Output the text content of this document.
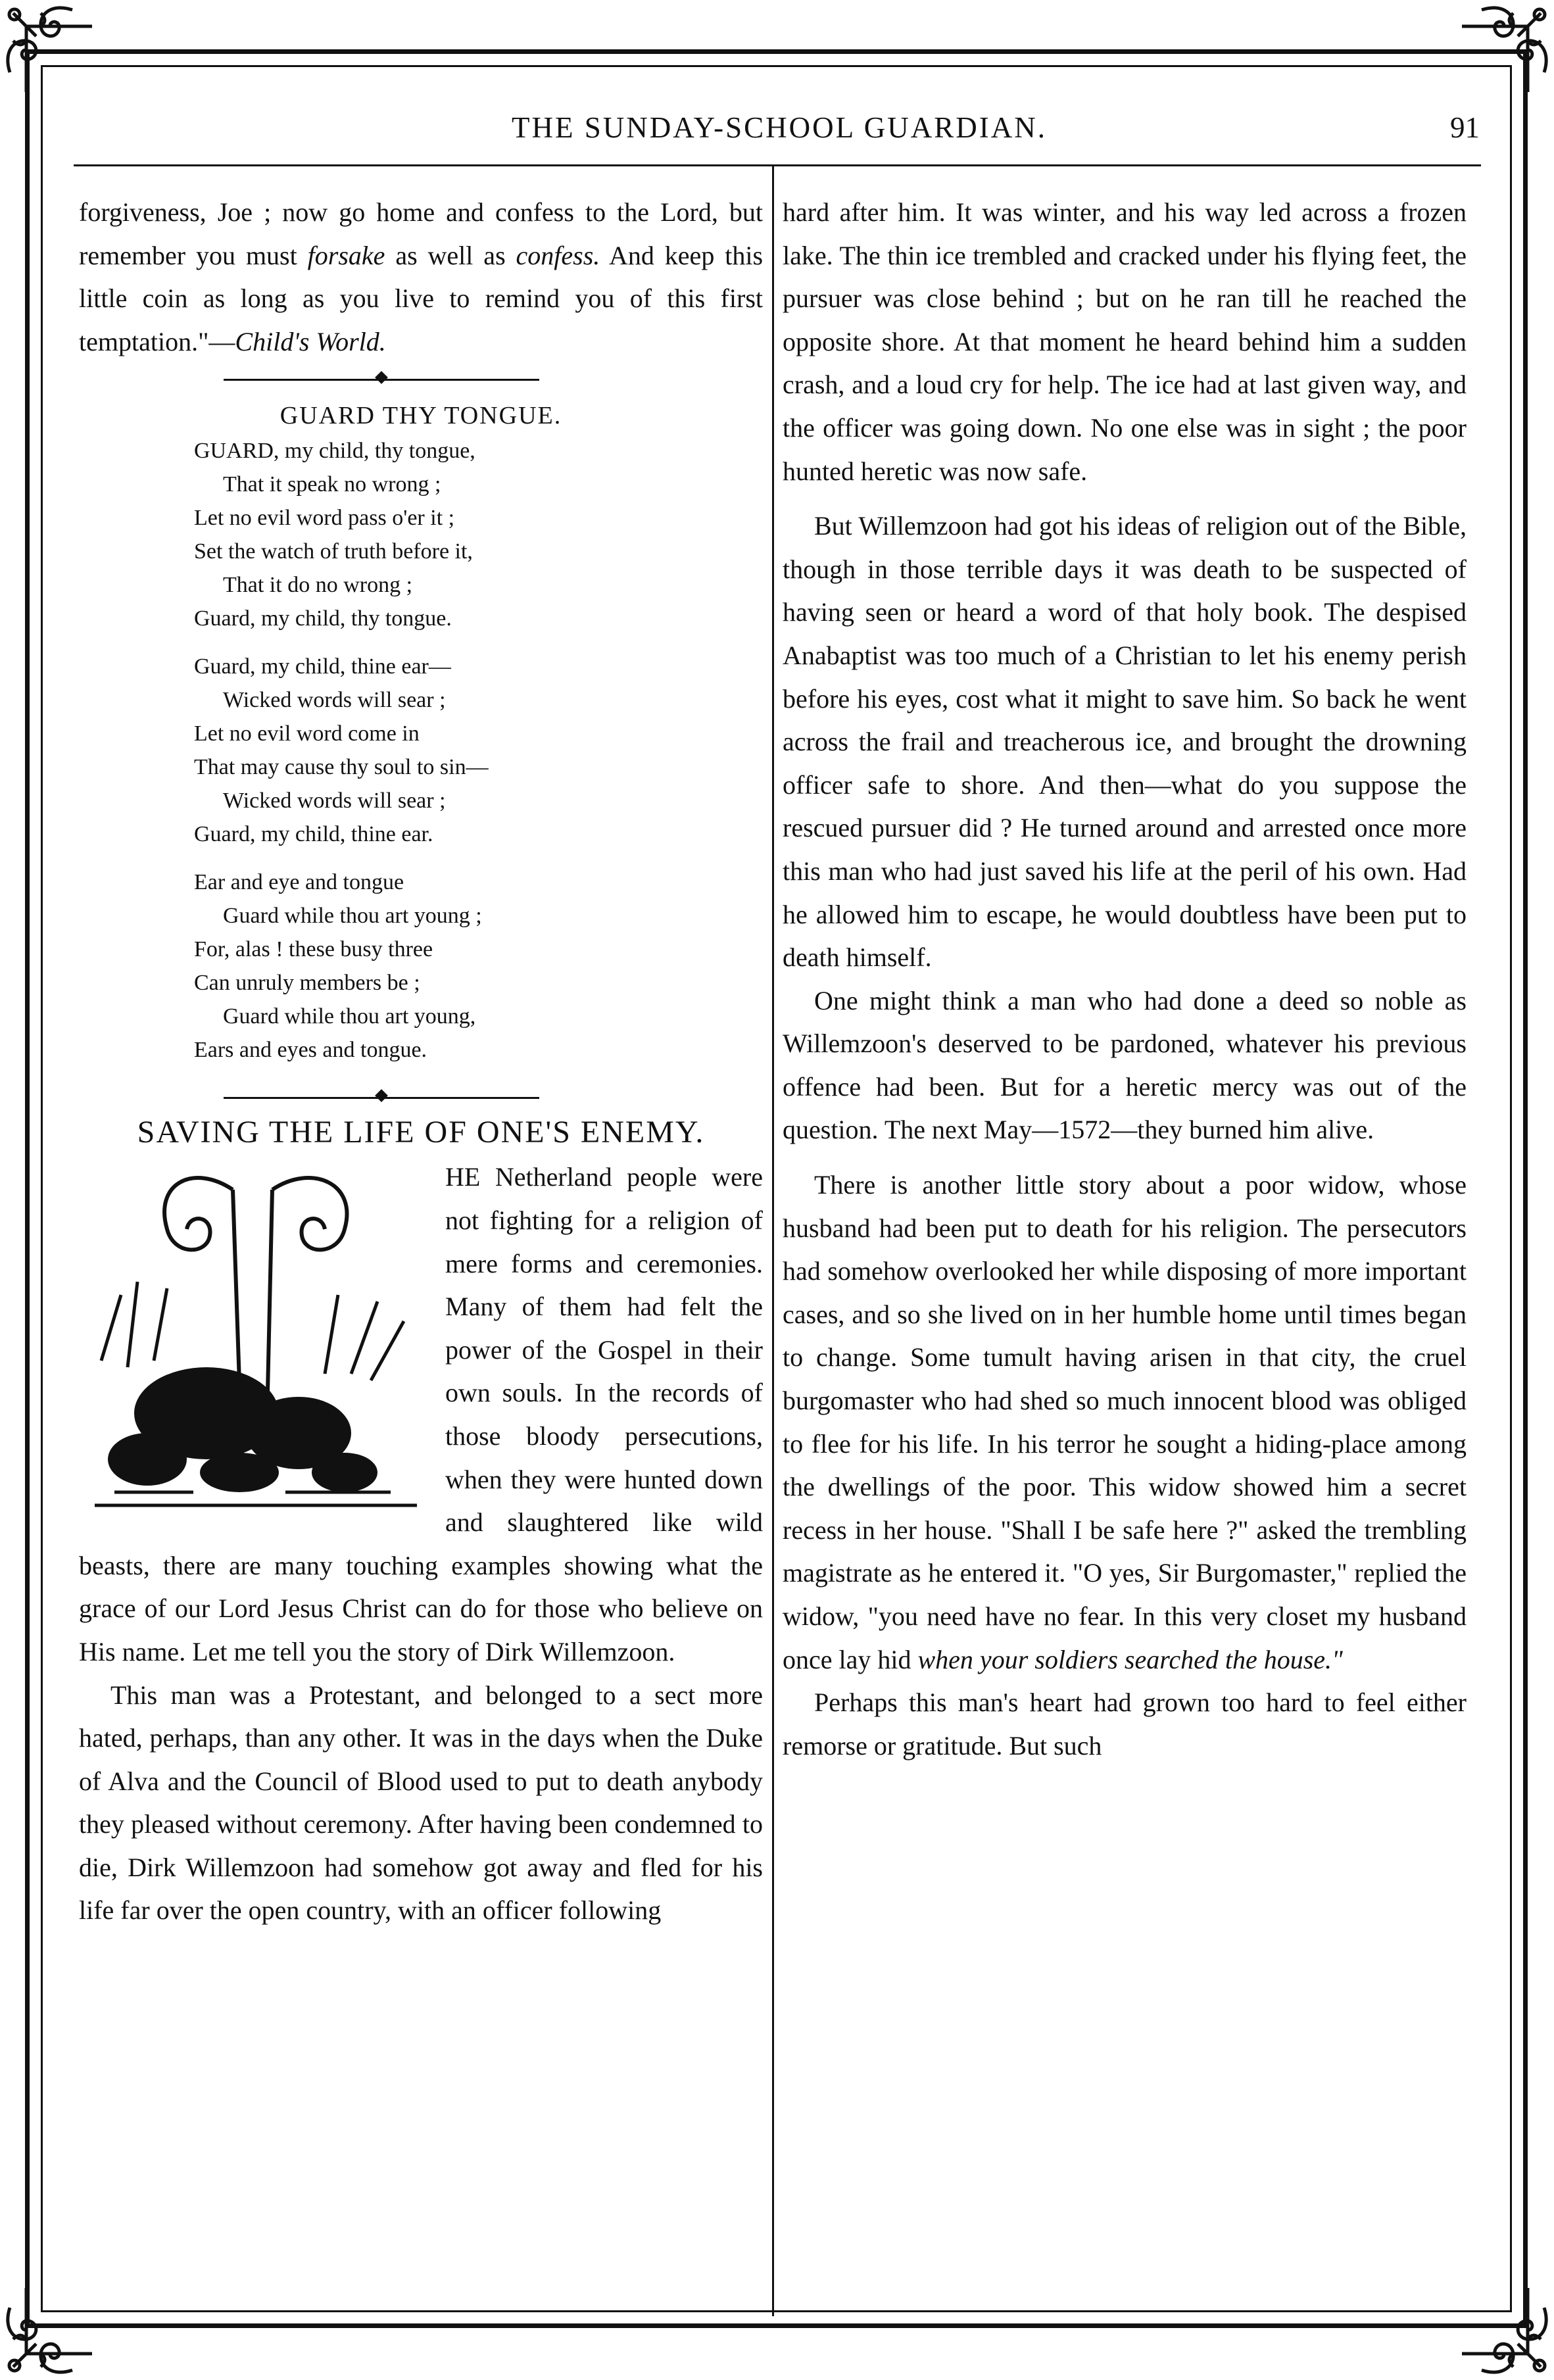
THE SUNDAY-SCHOOL GUARDIAN.	91

forgiveness, Joe ; now go home and confess to the Lord, but remember you must forsake as well as confess. And keep this little coin as long as you live to remind you of this first temptation."—Child's World.

GUARD THY TONGUE.
GUARD, my child, thy tongue,
That it speak no wrong ;
Let no evil word pass o'er it ;
Set the watch of truth before it,
That it do no wrong ;
Guard, my child, thy tongue.
Guard, my child, thine ear—
Wicked words will sear ;
Let no evil word come in
That may cause thy soul to sin—
Wicked words will sear ;
Guard, my child, thine ear.
Ear and eye and tongue
Guard while thou art young ;
For, alas ! these busy three
Can unruly members be ;
Guard while thou art young,
Ears and eyes and tongue.
SAVING THE LIFE OF ONE'S ENEMY.

HE Netherland people were not fighting for a religion of mere forms and ceremonies. Many of them had felt the power of the Gospel in their own souls. In the records of those bloody persecutions, when they were hunted down and slaughtered like wild beasts, there are many touching examples showing what the grace of our Lord Jesus Christ can do for those who believe on His name. Let me tell you the story of Dirk Willemzoon.

This man was a Protestant, and belonged to a sect more hated, perhaps, than any other. It was in the days when the Duke of Alva and the Council of Blood used to put to death anybody they pleased without ceremony. After having been condemned to die, Dirk Willemzoon had somehow got away and fled for his life far over the open country, with an officer following

hard after him. It was winter, and his way led across a frozen lake. The thin ice trembled and cracked under his flying feet, the pursuer was close behind ; but on he ran till he reached the opposite shore. At that moment he heard behind him a sudden crash, and a loud cry for help. The ice had at last given way, and the officer was going down. No one else was in sight ; the poor hunted heretic was now safe.

But Willemzoon had got his ideas of religion out of the Bible, though in those terrible days it was death to be suspected of having seen or heard a word of that holy book. The despised Anabaptist was too much of a Christian to let his enemy perish before his eyes, cost what it might to save him. So back he went across the frail and treacherous ice, and brought the drowning officer safe to shore. And then—what do you suppose the rescued pursuer did ? He turned around and arrested once more this man who had just saved his life at the peril of his own. Had he allowed him to escape, he would doubtless have been put to death himself.

One might think a man who had done a deed so noble as Willemzoon's deserved to be pardoned, whatever his previous offence had been. But for a heretic mercy was out of the question. The next May—1572—they burned him alive.

There is another little story about a poor widow, whose husband had been put to death for his religion. The persecutors had somehow overlooked her while disposing of more important cases, and so she lived on in her humble home until times began to change. Some tumult having arisen in that city, the cruel burgomaster who had shed so much innocent blood was obliged to flee for his life. In his terror he sought a hiding-place among the dwellings of the poor. This widow showed him a secret recess in her house. "Shall I be safe here ?" asked the trembling magistrate as he entered it. "O yes, Sir Burgomaster," replied the widow, "you need have no fear. In this very closet my husband once lay hid when your soldiers searched the house."

Perhaps this man's heart had grown too hard to feel either remorse or gratitude. But such
